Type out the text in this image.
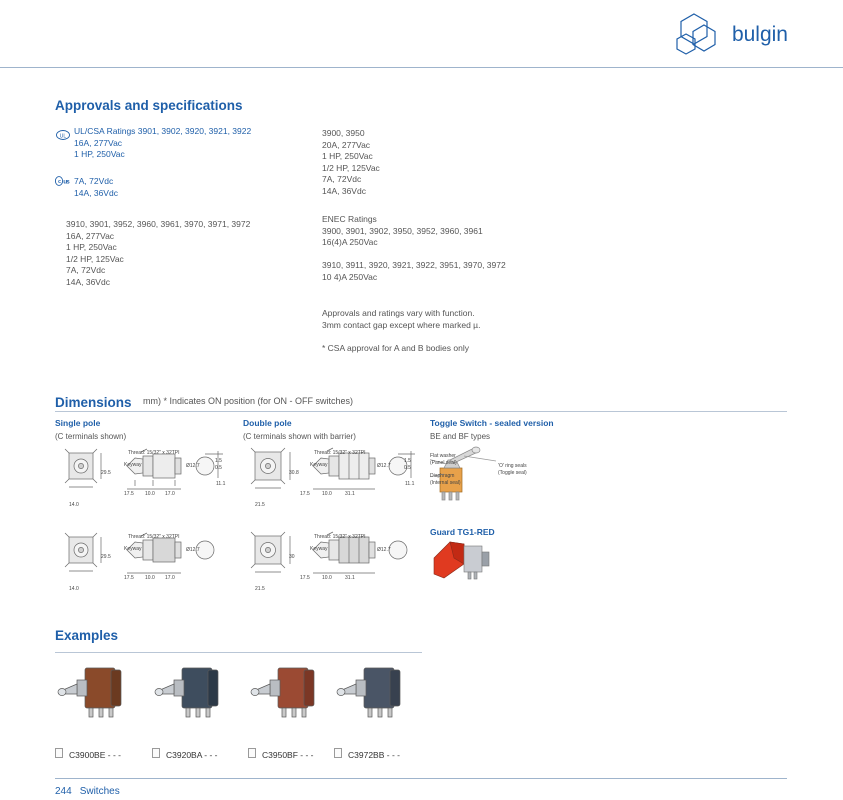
bulgin
Approvals and specifications
UL
UL/CSA Ratings 3901, 3902, 3920, 3921, 3922
16A, 277Vac
1 HP, 250Vac
c us 7A, 72Vdc
14A, 36Vdc
3910, 3901, 3952, 3960, 3961, 3970, 3971, 3972
16A, 277Vac
1 HP, 250Vac
1/2 HP, 125Vac
7A, 72Vdc
14A, 36Vdc
3900, 3950
20A, 277Vac
1 HP, 250Vac
1/2 HP, 125Vac
7A, 72Vdc
14A, 36Vdc
ENEC Ratings
3900, 3901, 3902, 3950, 3952, 3960, 3961
16(4)A 250Vac
3910, 3911, 3920, 3921, 3922, 3951, 3970, 3972
10 4)A 250Vac
Approvals and ratings vary with function.
3mm contact gap except where marked µ.
* CSA approval for A and B bodies only
Dimensions mm) * Indicates ON position (for ON - OFF switches)
Single pole
(C terminals shown)
Double pole
(C terminals shown with barrier)
Toggle Switch - sealed version
BE and BF types
Guard TG1-RED
29.5
14.0
Thread: 15/32" x 32TPI
Keyway
17.5 10.0 17.0
Ø12.7
1.5
0.5
11.1
29.5
14.0
Thread: 15/32" x 32TPI
Keyway
17.5 10.0 17.0
Ø12.7
30.8
21.5
Thread: 15/32" x 32TPI
Keyway
17.5 10.0	31.1
Ø12.7
1.5
0.5
11.1
30
21.5
Thread: 15/32" x 32TPI
Keyway
17.5 10.0	31.1
Ø12.7
Flat washer
(Panel seal)
Diaphragm
(Internal seal)
'O' ring seals
(Toggle seal)
Examples
C3900BE - - -	C3920BA - - -	C3950BF - - -	C3972BB - - -
244 Switches
